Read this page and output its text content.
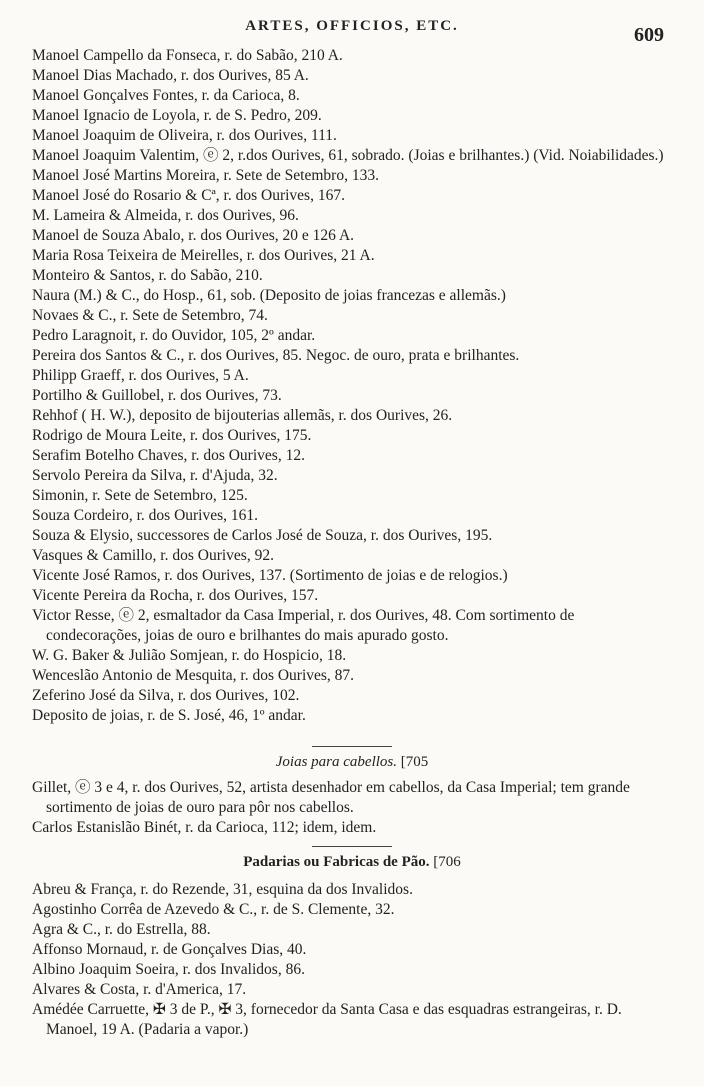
ARTES, OFFICIOS, ETC.	609
Manoel Campello da Fonseca, r. do Sabão, 210 A.
Manoel Dias Machado, r. dos Ourives, 85 A.
Manoel Gonçalves Fontes, r. da Carioca, 8.
Manoel Ignacio de Loyola, r. de S. Pedro, 209.
Manoel Joaquim de Oliveira, r. dos Ourives, 111.
Manoel Joaquim Valentim, ⓔ 2, r.dos Ourives, 61, sobrado. (Joias e brilhantes.) (Vid. Noiabilidades.)
Manoel José Martins Moreira, r. Sete de Setembro, 133.
Manoel José do Rosario & Cª, r. dos Ourives, 167.
M. Lameira & Almeida, r. dos Ourives, 96.
Manoel de Souza Abalo, r. dos Ourives, 20 e 126 A.
Maria Rosa Teixeira de Meirelles, r. dos Ourives, 21 A.
Monteiro & Santos, r. do Sabão, 210.
Naura (M.) & C., do Hosp., 61, sob. (Deposito de joias francezas e allemãs.)
Novaes & C., r. Sete de Setembro, 74.
Pedro Laragnoit, r. do Ouvidor, 105, 2º andar.
Pereira dos Santos & C., r. dos Ourives, 85. Negoc. de ouro, prata e brilhantes.
Philipp Graeff, r. dos Ourives, 5 A.
Portilho & Guillobel, r. dos Ourives, 73.
Rehhof ( H. W.), deposito de bijouterias allemãs, r. dos Ourives, 26.
Rodrigo de Moura Leite, r. dos Ourives, 175.
Serafim Botelho Chaves, r. dos Ourives, 12.
Servolo Pereira da Silva, r. d'Ajuda, 32.
Simonin, r. Sete de Setembro, 125.
Souza Cordeiro, r. dos Ourives, 161.
Souza & Elysio, successores de Carlos José de Souza, r. dos Ourives, 195.
Vasques & Camillo, r. dos Ourives, 92.
Vicente José Ramos, r. dos Ourives, 137. (Sortimento de joias e de relogios.)
Vicente Pereira da Rocha, r. dos Ourives, 157.
Victor Resse, ⓔ 2, esmaltador da Casa Imperial, r. dos Ourives, 48. Com sortimento de condecorações, joias de ouro e brilhantes do mais apurado gosto.
W. G. Baker & Julião Somjean, r. do Hospicio, 18.
Wenceslão Antonio de Mesquita, r. dos Ourives, 87.
Zeferino José da Silva, r. dos Ourives, 102.
Deposito de joias, r. de S. José, 46, 1º andar.
Joias para cabellos. [705
Gillet, ⓔ 3 e 4, r. dos Ourives, 52, artista desenhador em cabellos, da Casa Imperial; tem grande sortimento de joias de ouro para pôr nos cabellos.
Carlos Estanislão Binét, r. da Carioca, 112; idem, idem.
Padarias ou Fabricas de Pão. [706
Abreu & França, r. do Rezende, 31, esquina da dos Invalidos.
Agostinho Corrêa de Azevedo & C., r. de S. Clemente, 32.
Agra & C., r. do Estrella, 88.
Affonso Mornaud, r. de Gonçalves Dias, 40.
Albino Joaquim Soeira, r. dos Invalidos, 86.
Alvares & Costa, r. d'America, 17.
Amédée Carruette, ✠ 3 de P., ✠ 3, fornecedor da Santa Casa e das esquadras estrangeiras, r. D. Manoel, 19 A. (Padaria a vapor.)
